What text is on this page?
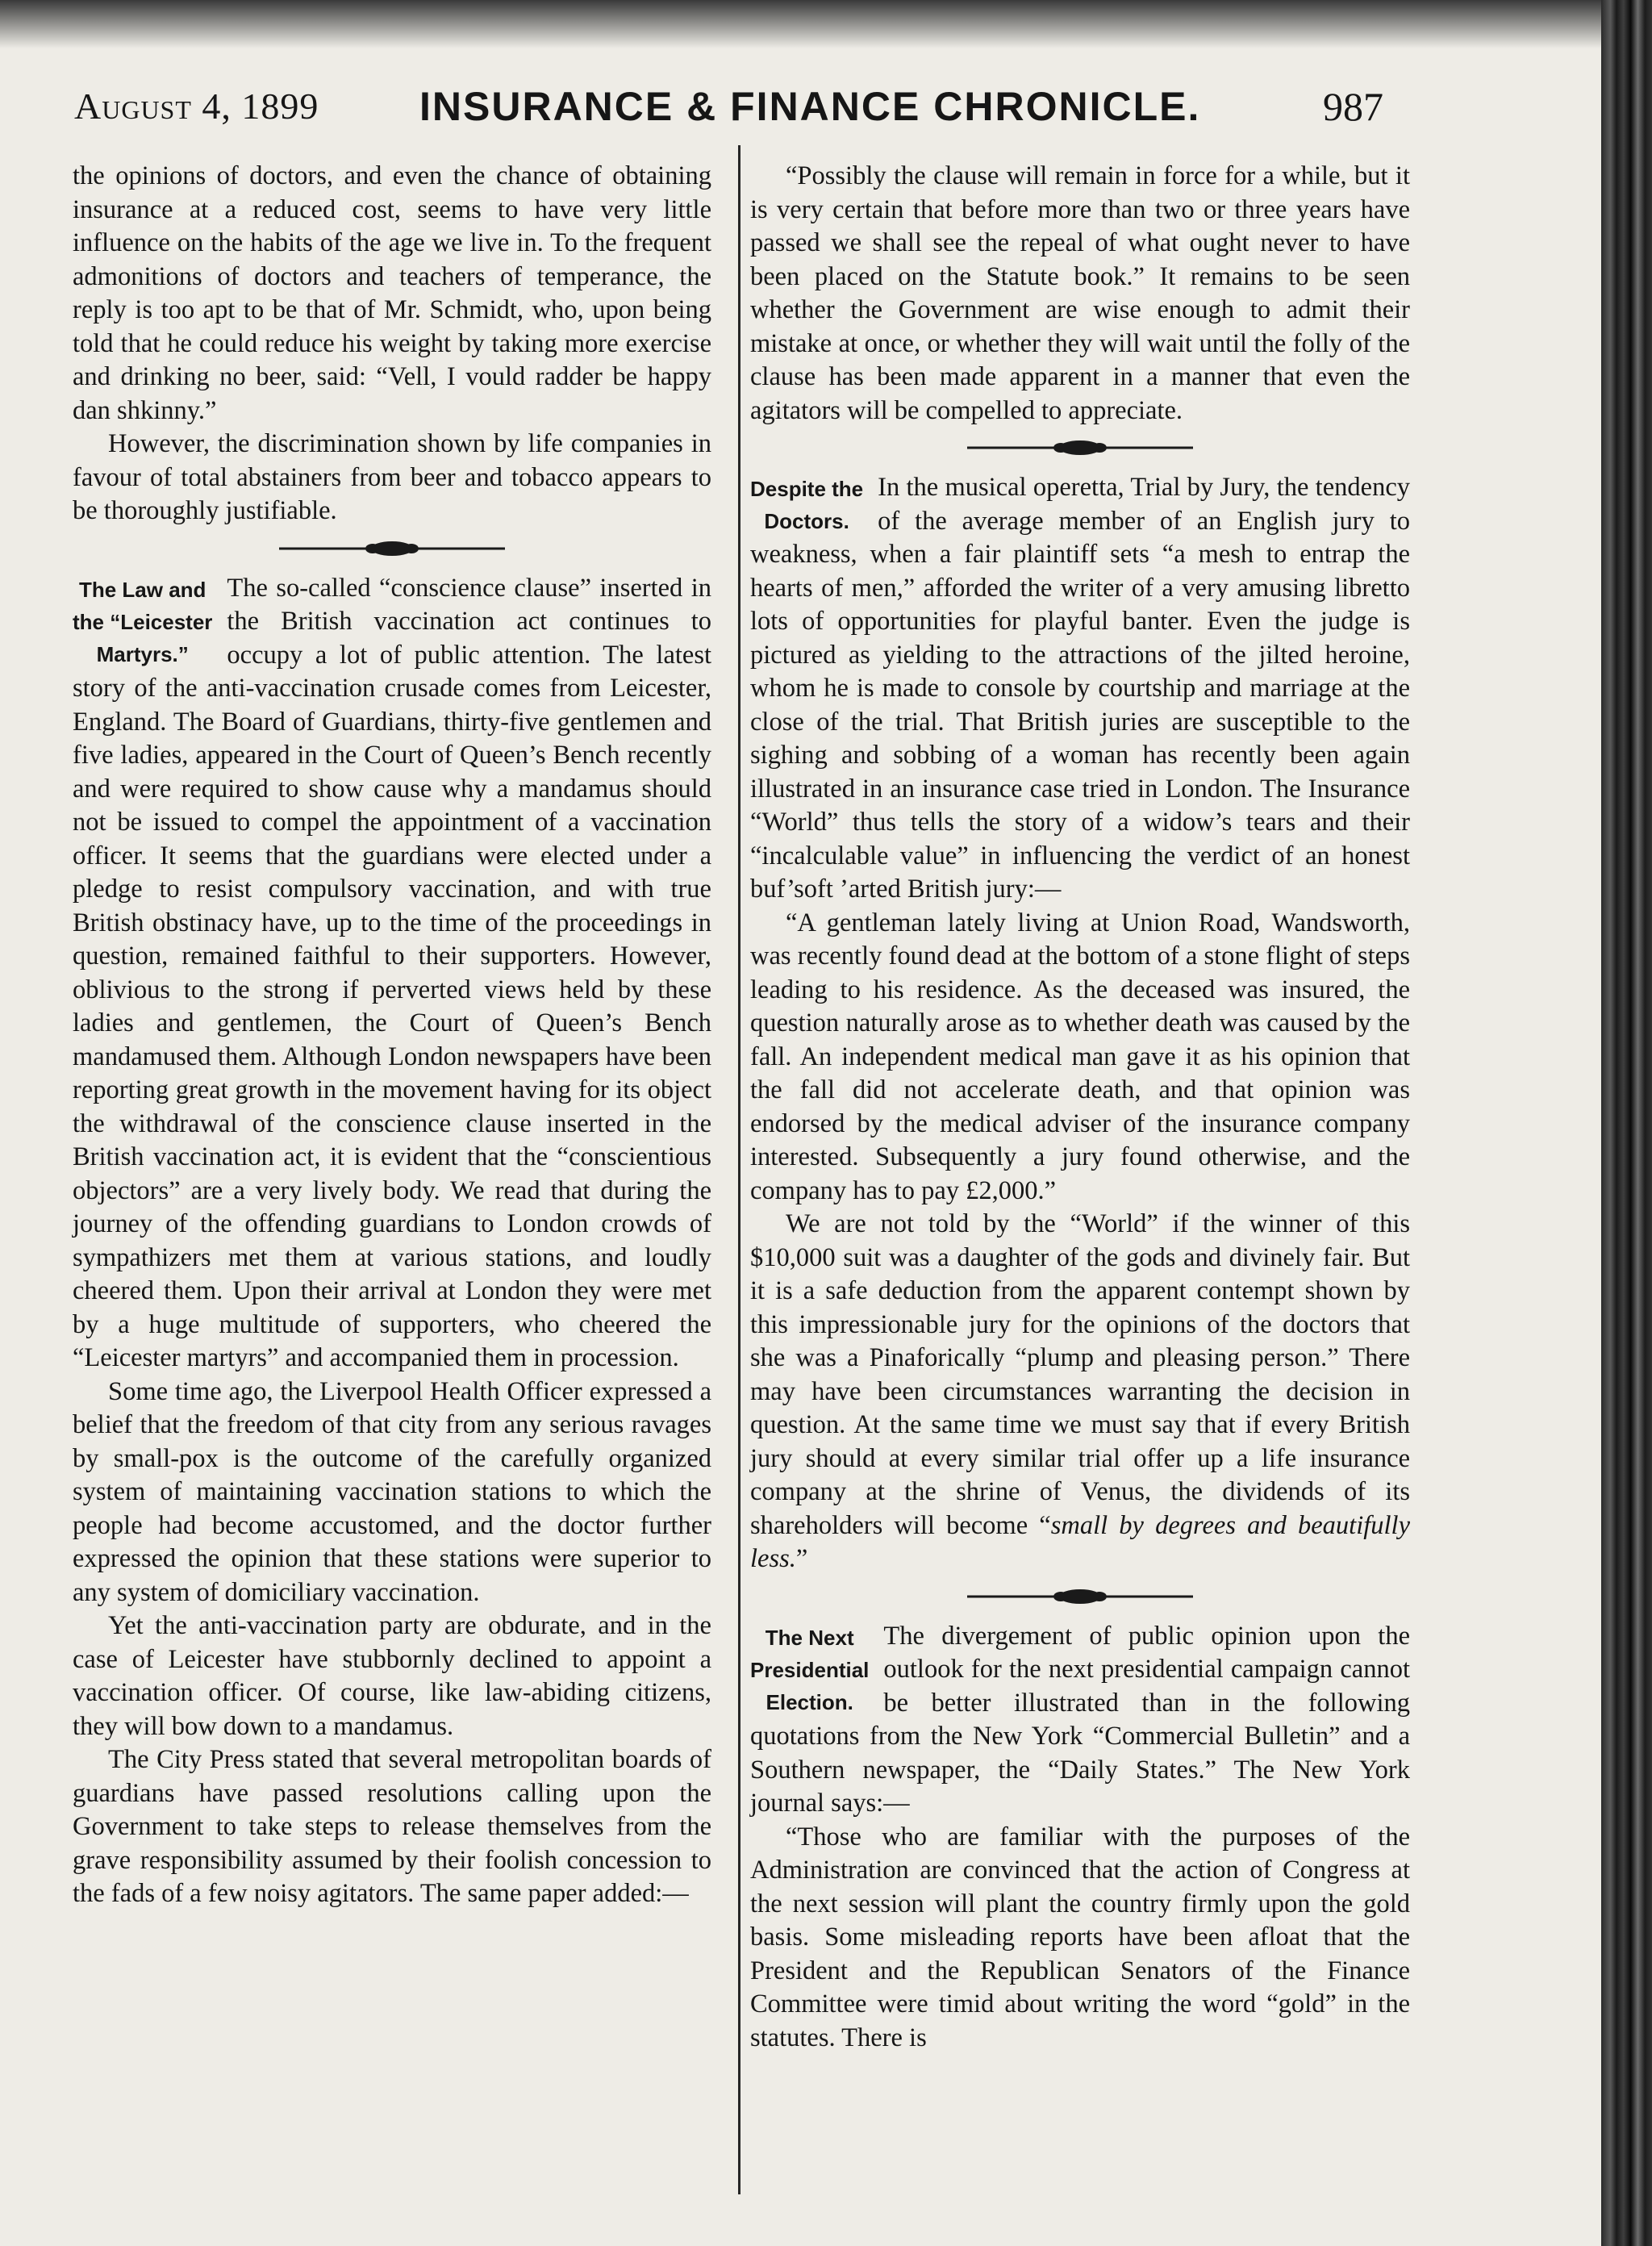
August 4, 1899 INSURANCE & FINANCE CHRONICLE.	987

the opinions of doctors, and even the chance of obtaining insurance at a reduced cost, seems to have very little influence on the habits of the age we live in. To the frequent admonitions of doctors and teachers of temperance, the reply is too apt to be that of Mr. Schmidt, who, upon being told that he could reduce his weight by taking more exercise and drinking no beer, said: “Vell, I vould radder be happy dan shkinny.”

However, the discrimination shown by life companies in favour of total abstainers from beer and tobacco appears to be thoroughly justifiable.

The Law and
the “Leicester
Martyrs.”

The so-called “conscience clause” inserted in the British vaccination act continues to occupy a lot of public attention. The latest story of the anti-vaccination crusade comes from Leicester, England. The Board of Guardians, thirty-five gentlemen and five ladies, appeared in the Court of Queen’s Bench recently and were required to show cause why a mandamus should not be issued to compel the appointment of a vaccination officer. It seems that the guardians were elected under a pledge to resist compulsory vaccination, and with true British obstinacy have, up to the time of the proceedings in question, remained faithful to their supporters. However, oblivious to the strong if perverted views held by these ladies and gentlemen, the Court of Queen’s Bench mandamused them. Although London newspapers have been reporting great growth in the movement having for its object the withdrawal of the conscience clause inserted in the British vaccination act, it is evident that the “conscientious objectors” are a very lively body. We read that during the journey of the offending guardians to London crowds of sympathizers met them at various stations, and loudly cheered them. Upon their arrival at London they were met by a huge multitude of supporters, who cheered the “Leicester martyrs” and accompanied them in procession.

Some time ago, the Liverpool Health Officer expressed a belief that the freedom of that city from any serious ravages by small-pox is the outcome of the carefully organized system of maintaining vaccination stations to which the people had become accustomed, and the doctor further expressed the opinion that these stations were superior to any system of domiciliary vaccination.

Yet the anti-vaccination party are obdurate, and in the case of Leicester have stubbornly declined to appoint a vaccination officer. Of course, like law-abiding citizens, they will bow down to a mandamus.

The City Press stated that several metropolitan boards of guardians have passed resolutions calling upon the Government to take steps to release themselves from the grave responsibility assumed by their foolish concession to the fads of a few noisy agitators. The same paper added:—

“Possibly the clause will remain in force for a while, but it is very certain that before more than two or three years have passed we shall see the repeal of what ought never to have been placed on the Statute book.” It remains to be seen whether the Government are wise enough to admit their mistake at once, or whether they will wait until the folly of the clause has been made apparent in a manner that even the agitators will be compelled to appreciate.

Despite the
Doctors.

In the musical operetta, Trial by Jury, the tendency of the average member of an English jury to weakness, when a fair plaintiff sets “a mesh to entrap the hearts of men,” afforded the writer of a very amusing libretto lots of opportunities for playful banter. Even the judge is pictured as yielding to the attractions of the jilted heroine, whom he is made to console by courtship and marriage at the close of the trial. That British juries are susceptible to the sighing and sobbing of a woman has recently been again illustrated in an insurance case tried in London. The Insurance “World” thus tells the story of a widow’s tears and their “incalculable value” in influencing the verdict of an honest buf’soft ’arted British jury:—

“A gentleman lately living at Union Road, Wandsworth, was recently found dead at the bottom of a stone flight of steps leading to his residence. As the deceased was insured, the question naturally arose as to whether death was caused by the fall. An independent medical man gave it as his opinion that the fall did not accelerate death, and that opinion was endorsed by the medical adviser of the insurance company interested. Subsequently a jury found otherwise, and the company has to pay £2,000.”

We are not told by the “World” if the winner of this $10,000 suit was a daughter of the gods and divinely fair. But it is a safe deduction from the apparent contempt shown by this impressionable jury for the opinions of the doctors that she was a Pinaforically “plump and pleasing person.” There may have been circumstances warranting the decision in question. At the same time we must say that if every British jury should at every similar trial offer up a life insurance company at the shrine of Venus, the dividends of its shareholders will become “small by degrees and beautifully less.”

The Next
Presidential
Election.

The divergement of public opinion upon the outlook for the next presidential campaign cannot be better illustrated than in the following quotations from the New York “Commercial Bulletin” and a Southern newspaper, the “Daily States.” The New York journal says:—

“Those who are familiar with the purposes of the Administration are convinced that the action of Congress at the next session will plant the country firmly upon the gold basis. Some misleading reports have been afloat that the President and the Republican Senators of the Finance Committee were timid about writing the word “gold” in the statutes. There is
